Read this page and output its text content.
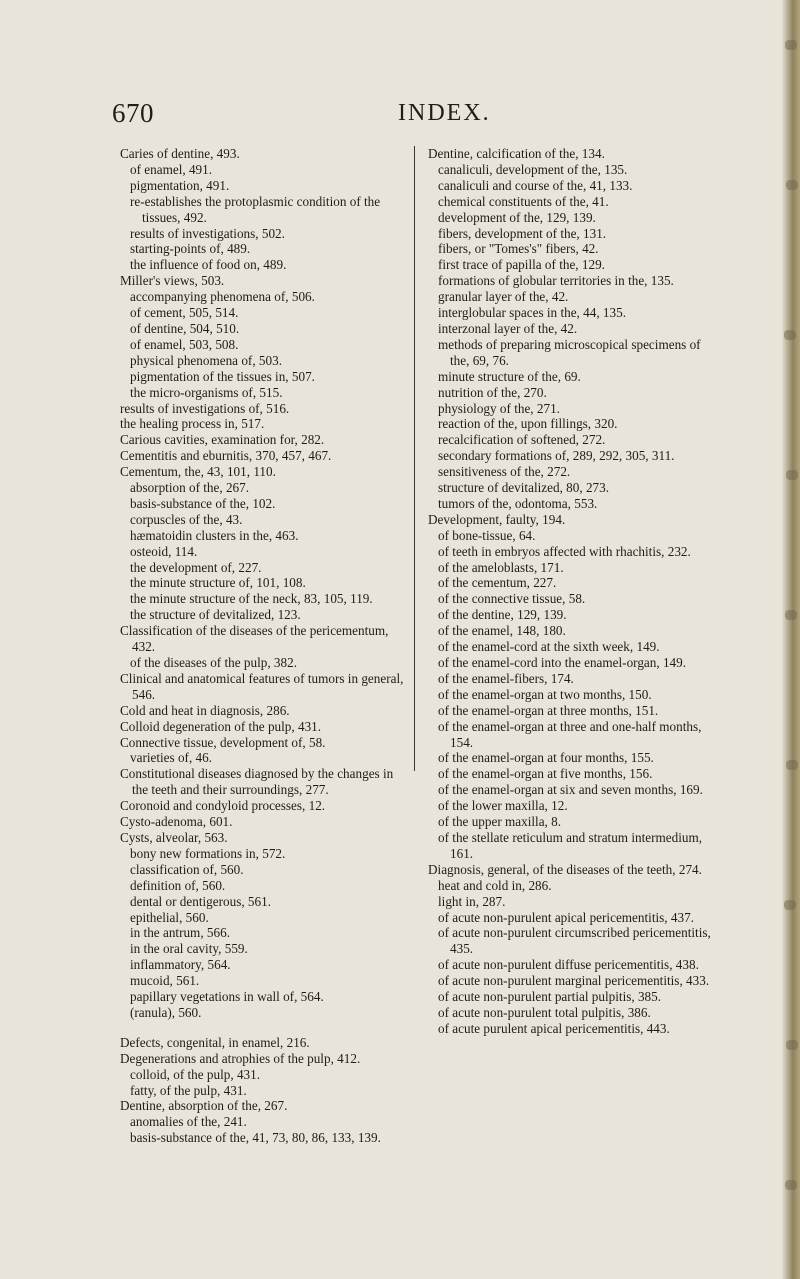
670	INDEX.
Caries of dentine, 493.
of enamel, 491.
pigmentation, 491.
re-establishes the protoplasmic condition of the tissues, 492.
results of investigations, 502.
starting-points of, 489.
the influence of food on, 489.
Miller's views, 503.
accompanying phenomena of, 506.
of cement, 505, 514.
of dentine, 504, 510.
of enamel, 503, 508.
physical phenomena of, 503.
pigmentation of the tissues in, 507.
the micro-organisms of, 515.
results of investigations of, 516.
the healing process in, 517.
Carious cavities, examination for, 282.
Cementitis and eburnitis, 370, 457, 467.
Cementum, the, 43, 101, 110.
absorption of the, 267.
basis-substance of the, 102.
corpuscles of the, 43.
hæmatoidin clusters in the, 463.
osteoid, 114.
the development of, 227.
the minute structure of, 101, 108.
the minute structure of the neck, 83, 105, 119.
the structure of devitalized, 123.
Classification of the diseases of the pericementum, 432.
of the diseases of the pulp, 382.
Clinical and anatomical features of tumors in general, 546.
Cold and heat in diagnosis, 286.
Colloid degeneration of the pulp, 431.
Connective tissue, development of, 58.
varieties of, 46.
Constitutional diseases diagnosed by the changes in the teeth and their surroundings, 277.
Coronoid and condyloid processes, 12.
Cysto-adenoma, 601.
Cysts, alveolar, 563.
bony new formations in, 572.
classification of, 560.
definition of, 560.
dental or dentigerous, 561.
epithelial, 560.
in the antrum, 566.
in the oral cavity, 559.
inflammatory, 564.
mucoid, 561.
papillary vegetations in wall of, 564.
(ranula), 560.
Defects, congenital, in enamel, 216.
Degenerations and atrophies of the pulp, 412.
colloid, of the pulp, 431.
fatty, of the pulp, 431.
Dentine, absorption of the, 267.
anomalies of the, 241.
basis-substance of the, 41, 73, 80, 86, 133, 139.
Dentine, calcification of the, 134.
canaliculi, development of the, 135.
canaliculi and course of the, 41, 133.
chemical constituents of the, 41.
development of the, 129, 139.
fibers, development of the, 131.
fibers, or "Tomes's" fibers, 42.
first trace of papilla of the, 129.
formations of globular territories in the, 135.
granular layer of the, 42.
interglobular spaces in the, 44, 135.
interzonal layer of the, 42.
methods of preparing microscopical specimens of the, 69, 76.
minute structure of the, 69.
nutrition of the, 270.
physiology of the, 271.
reaction of the, upon fillings, 320.
recalcification of softened, 272.
secondary formations of, 289, 292, 305, 311.
sensitiveness of the, 272.
structure of devitalized, 80, 273.
tumors of the, odontoma, 553.
Development, faulty, 194.
of bone-tissue, 64.
of teeth in embryos affected with rhachitis, 232.
of the ameloblasts, 171.
of the cementum, 227.
of the connective tissue, 58.
of the dentine, 129, 139.
of the enamel, 148, 180.
of the enamel-cord at the sixth week, 149.
of the enamel-cord into the enamel-organ, 149.
of the enamel-fibers, 174.
of the enamel-organ at two months, 150.
of the enamel-organ at three months, 151.
of the enamel-organ at three and one-half months, 154.
of the enamel-organ at four months, 155.
of the enamel-organ at five months, 156.
of the enamel-organ at six and seven months, 169.
of the lower maxilla, 12.
of the upper maxilla, 8.
of the stellate reticulum and stratum intermedium, 161.
Diagnosis, general, of the diseases of the teeth, 274.
heat and cold in, 286.
light in, 287.
of acute non-purulent apical pericementitis, 437.
of acute non-purulent circumscribed pericementitis, 435.
of acute non-purulent diffuse pericementitis, 438.
of acute non-purulent marginal pericementitis, 433.
of acute non-purulent partial pulpitis, 385.
of acute non-purulent total pulpitis, 386.
of acute purulent apical pericementitis, 443.
